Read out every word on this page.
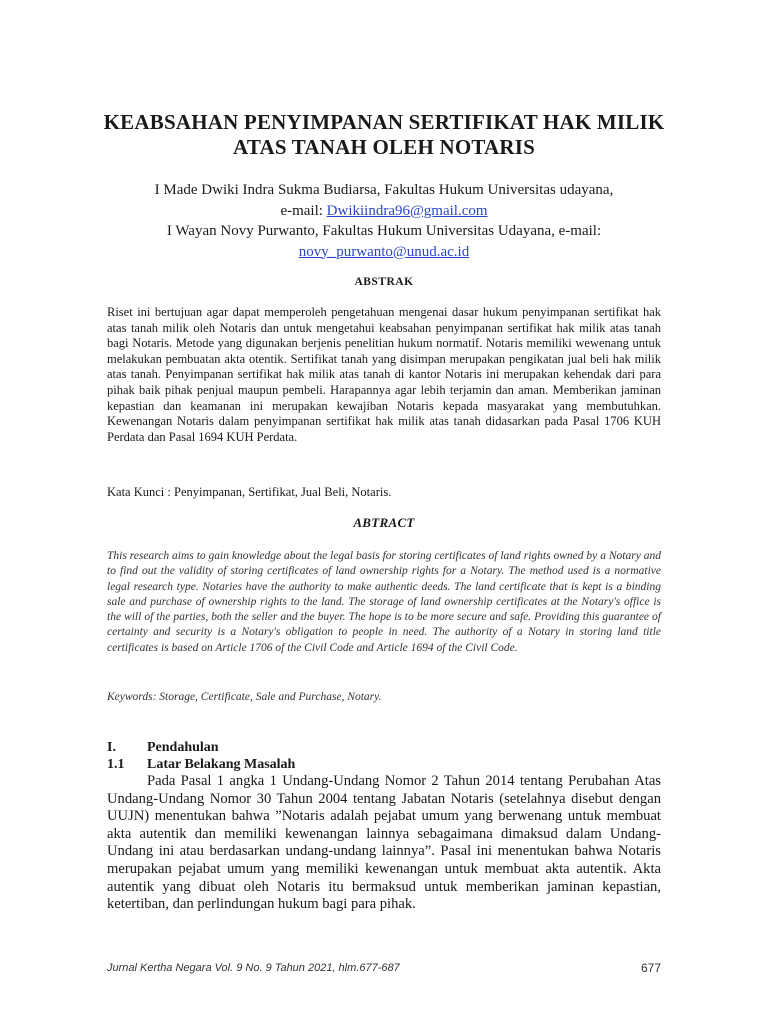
KEABSAHAN PENYIMPANAN SERTIFIKAT HAK MILIK
ATAS TANAH OLEH NOTARIS
I Made Dwiki Indra Sukma Budiarsa, Fakultas Hukum Universitas udayana,
e-mail: Dwikiindra96@gmail.com
I Wayan Novy Purwanto, Fakultas Hukum Universitas Udayana, e-mail:
novy_purwanto@unud.ac.id
ABSTRAK
Riset ini bertujuan agar dapat memperoleh pengetahuan mengenai dasar hukum penyimpanan sertifikat hak atas tanah milik oleh Notaris dan untuk mengetahui keabsahan penyimpanan sertifikat hak milik atas tanah bagi Notaris. Metode yang digunakan berjenis penelitian hukum normatif. Notaris memiliki wewenang untuk melakukan pembuatan akta otentik. Sertifikat tanah yang disimpan merupakan pengikatan jual beli hak milik atas tanah. Penyimpanan sertifikat hak milik atas tanah di kantor Notaris ini merupakan kehendak dari para pihak baik pihak penjual maupun pembeli. Harapannya agar lebih terjamin dan aman. Memberikan jaminan kepastian dan keamanan ini merupakan kewajiban Notaris kepada masyarakat yang membutuhkan. Kewenangan Notaris dalam penyimpanan sertifikat hak milik atas tanah didasarkan pada Pasal 1706 KUH Perdata dan Pasal 1694 KUH Perdata.
Kata Kunci : Penyimpanan, Sertifikat, Jual Beli, Notaris.
ABTRACT
This research aims to gain knowledge about the legal basis for storing certificates of land rights owned by a Notary and to find out the validity of storing certificates of land ownership rights for a Notary. The method used is a normative legal research type. Notaries have the authority to make authentic deeds. The land certificate that is kept is a binding sale and purchase of ownership rights to the land. The storage of land ownership certificates at the Notary's office is the will of the parties, both the seller and the buyer. The hope is to be more secure and safe. Providing this guarantee of certainty and security is a Notary's obligation to people in need. The authority of a Notary in storing land title certificates is based on Article 1706 of the Civil Code and Article 1694 of the Civil Code.
Keywords: Storage, Certificate, Sale and Purchase, Notary.
I. Pendahulan
1.1 Latar Belakang Masalah
Pada Pasal 1 angka 1 Undang-Undang Nomor 2 Tahun 2014 tentang Perubahan Atas Undang-Undang Nomor 30 Tahun 2004 tentang Jabatan Notaris (setelahnya disebut dengan UUJN) menentukan bahwa ”Notaris adalah pejabat umum yang berwenang untuk membuat akta autentik dan memiliki kewenangan lainnya sebagaimana dimaksud dalam Undang-Undang ini atau berdasarkan undang-undang lainnya”. Pasal ini menentukan bahwa Notaris merupakan pejabat umum yang memiliki kewenangan untuk membuat akta autentik. Akta autentik yang dibuat oleh Notaris itu bermaksud untuk memberikan jaminan kepastian, ketertiban, dan perlindungan hukum bagi para pihak.
Jurnal Kertha Negara Vol. 9 No. 9 Tahun 2021, hlm.677-687	677
